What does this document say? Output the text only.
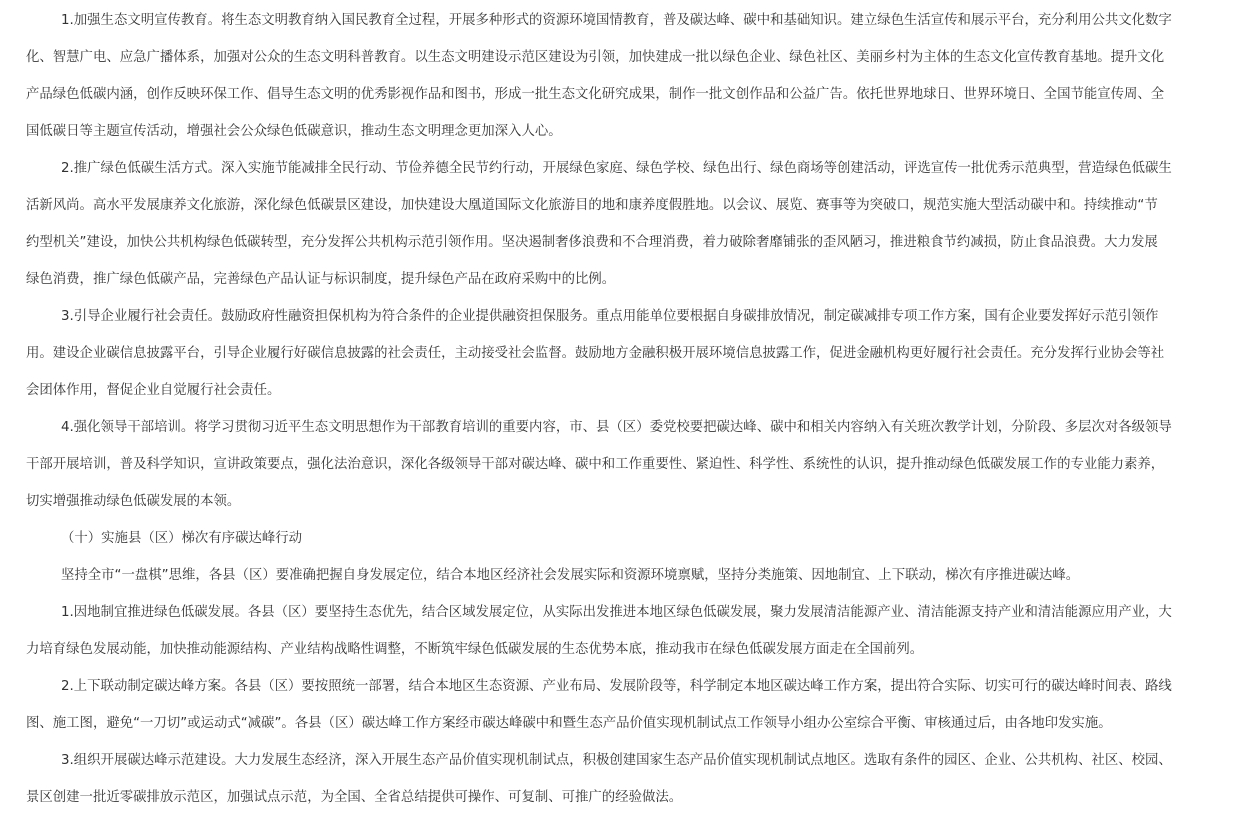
1.加强生态文明宣传教育。将生态文明教育纳入国民教育全过程，开展多种形式的资源环境国情教育，普及碳达峰、碳中和基础知识。建立绿色生活宣传和展示平台，充分利用公共文化数字

化、智慧广电、应急广播体系，加强对公众的生态文明科普教育。以生态文明建设示范区建设为引领，加快建成一批以绿色企业、绿色社区、美丽乡村为主体的生态文化宣传教育基地。提升文化

产品绿色低碳内涵，创作反映环保工作、倡导生态文明的优秀影视作品和图书，形成一批生态文化研究成果，制作一批文创作品和公益广告。依托世界地球日、世界环境日、全国节能宣传周、全

国低碳日等主题宣传活动，增强社会公众绿色低碳意识，推动生态文明理念更加深入人心。

2.推广绿色低碳生活方式。深入实施节能减排全民行动、节俭养德全民节约行动，开展绿色家庭、绿色学校、绿色出行、绿色商场等创建活动，评选宣传一批优秀示范典型，营造绿色低碳生

活新风尚。高水平发展康养文化旅游，深化绿色低碳景区建设，加快建设大凰道国际文化旅游目的地和康养度假胜地。以会议、展览、赛事等为突破口，规范实施大型活动碳中和。持续推动“节

约型机关”建设，加快公共机构绿色低碳转型，充分发挥公共机构示范引领作用。坚决遏制奢侈浪费和不合理消费，着力破除奢靡铺张的歪风陋习，推进粮食节约减损，防止食品浪费。大力发展

绿色消费，推广绿色低碳产品，完善绿色产品认证与标识制度，提升绿色产品在政府采购中的比例。

3.引导企业履行社会责任。鼓励政府性融资担保机构为符合条件的企业提供融资担保服务。重点用能单位要根据自身碳排放情况，制定碳减排专项工作方案，国有企业要发挥好示范引领作

用。建设企业碳信息披露平台，引导企业履行好碳信息披露的社会责任，主动接受社会监督。鼓励地方金融积极开展环境信息披露工作，促进金融机构更好履行社会责任。充分发挥行业协会等社

会团体作用，督促企业自觉履行社会责任。

4.强化领导干部培训。将学习贯彻习近平生态文明思想作为干部教育培训的重要内容，市、县（区）委党校要把碳达峰、碳中和相关内容纳入有关班次教学计划，分阶段、多层次对各级领导

干部开展培训，普及科学知识，宣讲政策要点，强化法治意识，深化各级领导干部对碳达峰、碳中和工作重要性、紧迫性、科学性、系统性的认识，提升推动绿色低碳发展工作的专业能力素养，

切实增强推动绿色低碳发展的本领。

（十）实施县（区）梯次有序碳达峰行动

坚持全市“一盘棋”思维，各县（区）要准确把握自身发展定位，结合本地区经济社会发展实际和资源环境禀赋，坚持分类施策、因地制宜、上下联动，梯次有序推进碳达峰。

1.因地制宜推进绿色低碳发展。各县（区）要坚持生态优先，结合区域发展定位，从实际出发推进本地区绿色低碳发展，聚力发展清洁能源产业、清洁能源支持产业和清洁能源应用产业，大

力培育绿色发展动能，加快推动能源结构、产业结构战略性调整，不断筑牢绿色低碳发展的生态优势本底，推动我市在绿色低碳发展方面走在全国前列。

2.上下联动制定碳达峰方案。各县（区）要按照统一部署，结合本地区生态资源、产业布局、发展阶段等，科学制定本地区碳达峰工作方案，提出符合实际、切实可行的碳达峰时间表、路线

图、施工图，避免“一刀切”或运动式“减碳”。各县（区）碳达峰工作方案经市碳达峰碳中和暨生态产品价值实现机制试点工作领导小组办公室综合平衡、审核通过后，由各地印发实施。

3.组织开展碳达峰示范建设。大力发展生态经济，深入开展生态产品价值实现机制试点，积极创建国家生态产品价值实现机制试点地区。选取有条件的园区、企业、公共机构、社区、校园、

景区创建一批近零碳排放示范区，加强试点示范，为全国、全省总结提供可操作、可复制、可推广的经验做法。
